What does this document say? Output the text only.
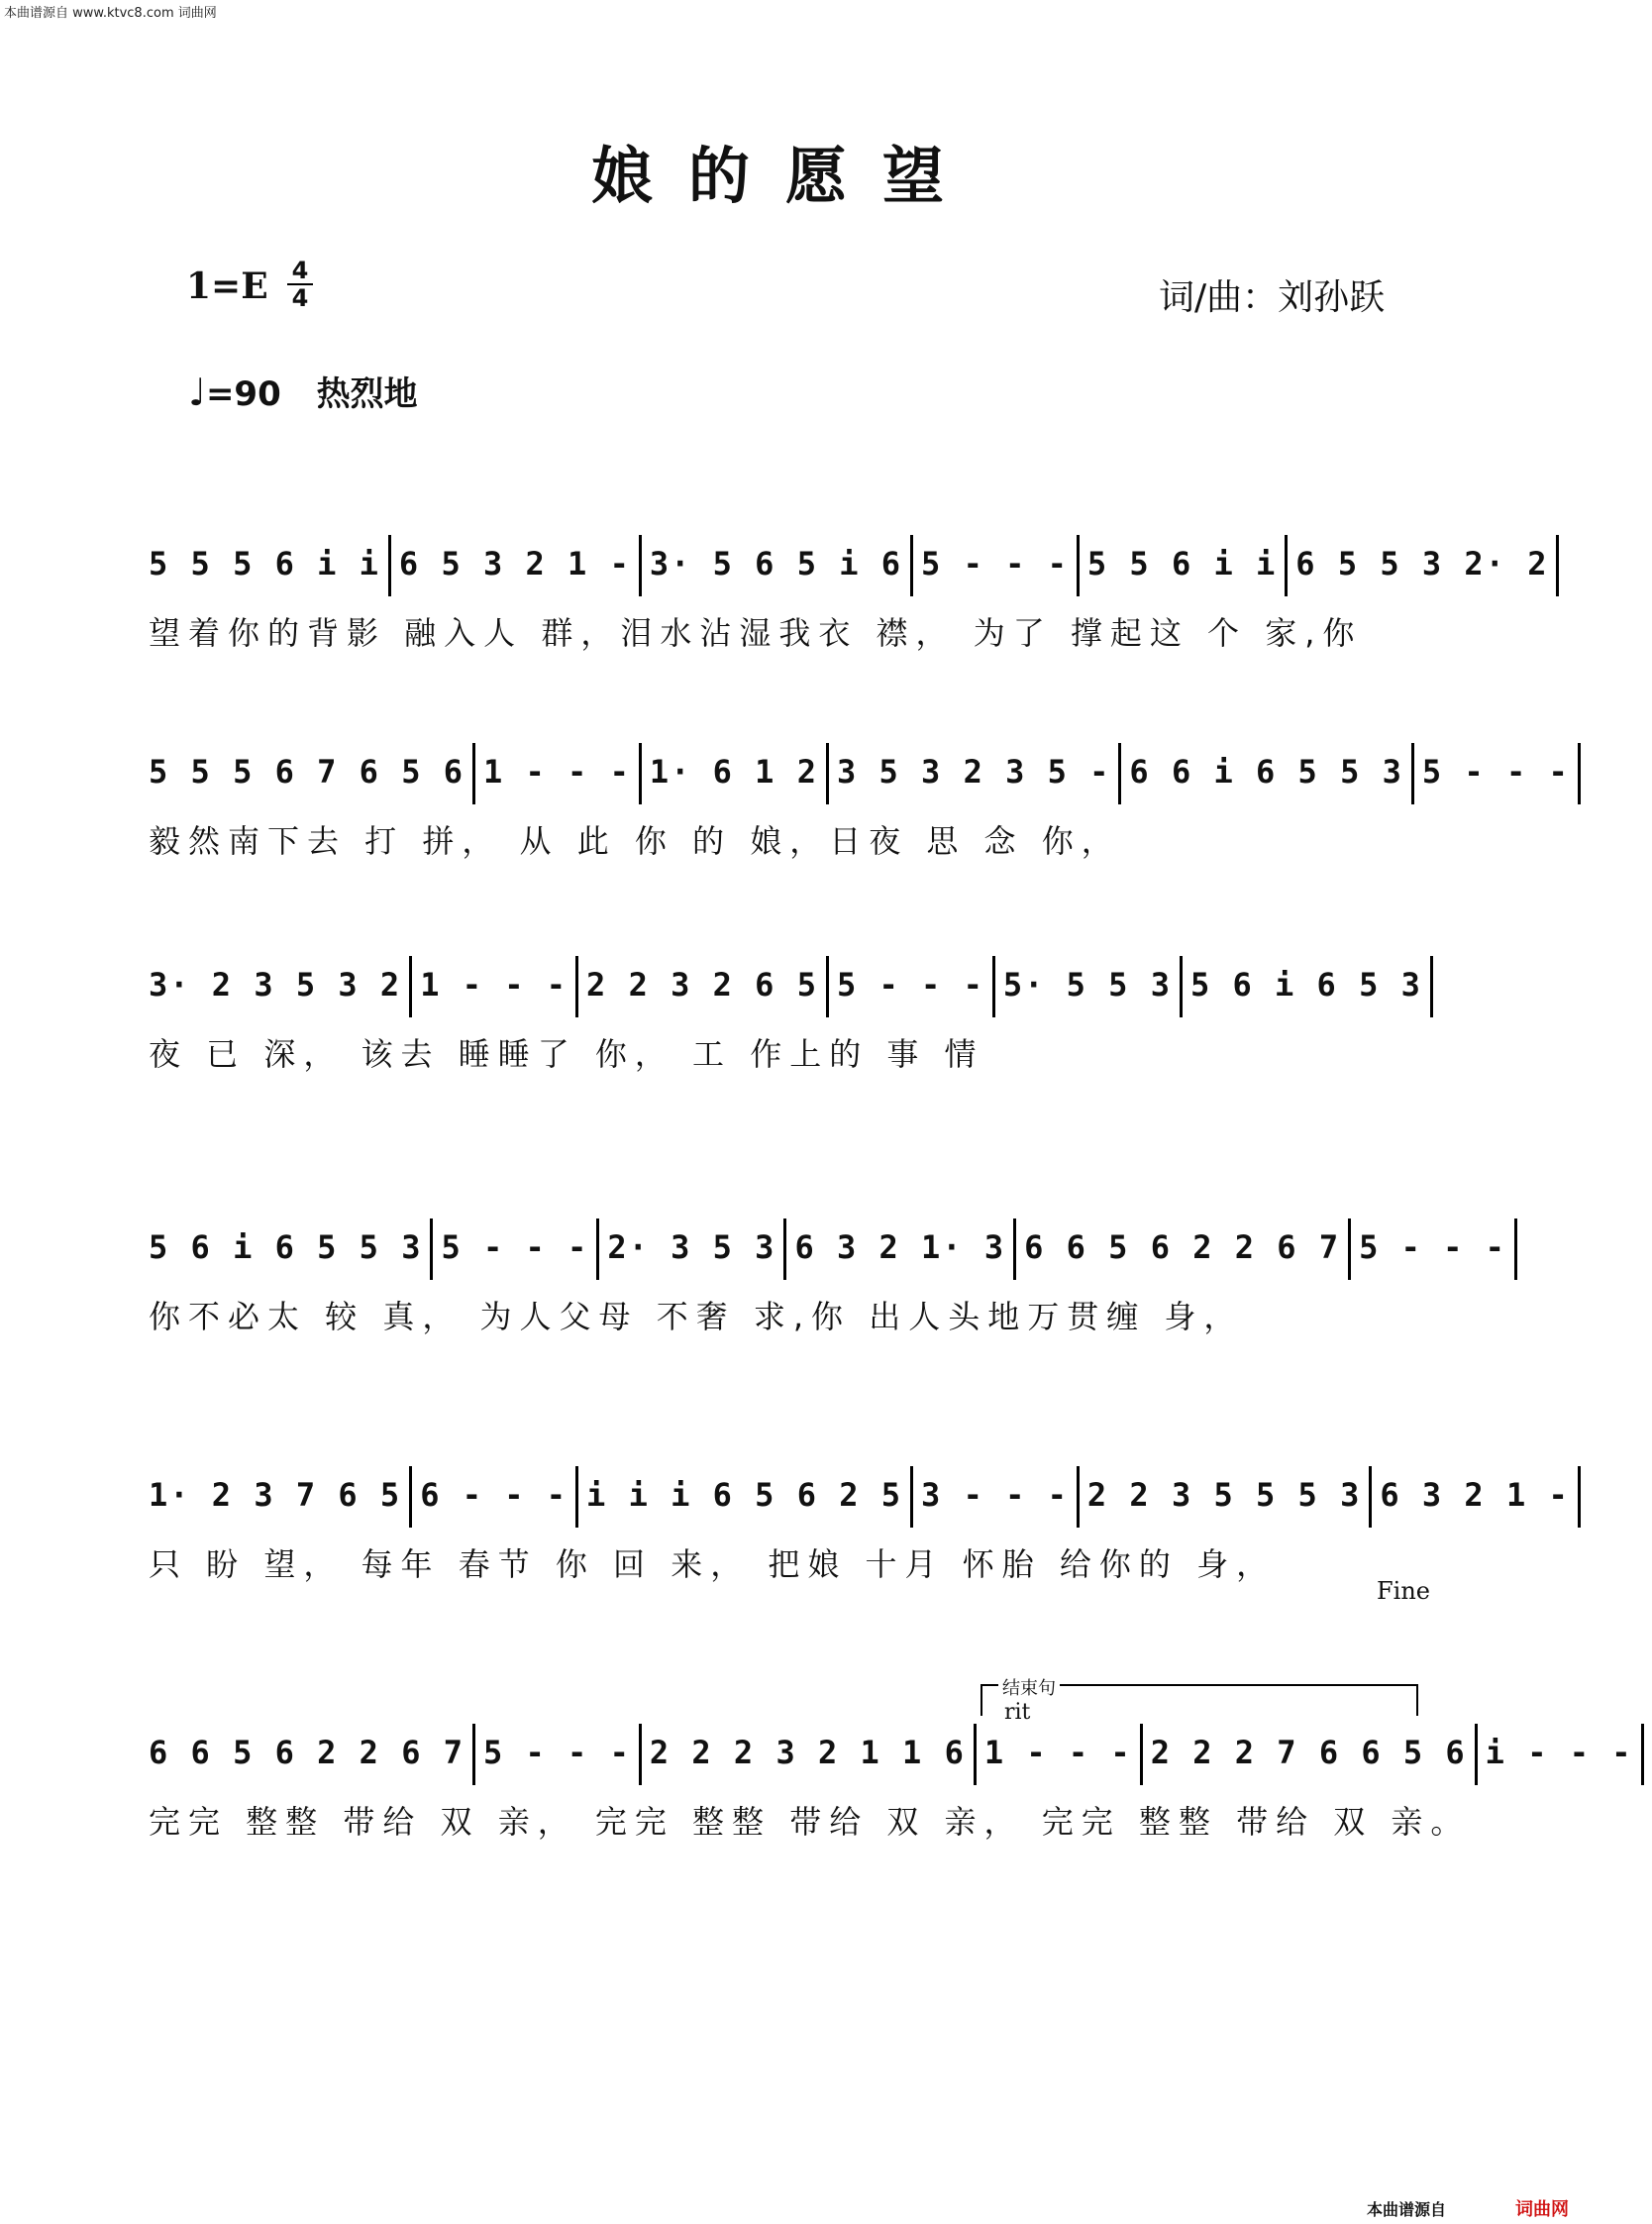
本曲谱源自 www.ktvc8.com 词曲网
娘的愿望
1=E 4
4	词/曲：刘孙跃
♩=90 热烈地
5 5 5 6 i i 6 5 3 2 1 - 3· 5 6 5 i 6 5 - - - 5 5 6 i i 6 5 5 3 2· 2
望着你的背影 融入人 群，泪水沾湿我衣 襟， 为了 撑起这 个 家,你
5 5 5 6 7 6 5 6 1 - - - 1· 6 1 2 3 5 3 2 3 5 - 6 6 i 6 5 5 3 5 - - -
毅然南下去 打 拼， 从 此 你 的 娘，日夜 思 念 你，
3· 2 3 5 3 2 1 - - - 2 2 3 2 6 5 5 - - - 5· 5 5 3 5 6 i 6 5 3
夜 已 深， 该去 睡睡了 你， 工 作上的 事 情
5 6 i 6 5 5 3 5 - - - 2· 3 5 3 6 3 2 1· 3 6 6 5 6 2 2 6 7 5 - - -
你不必太 较 真， 为人父母 不奢 求,你 出人头地万贯缠 身，
1· 2 3 7 6 5 6 - - - i i i 6 5 6 2 5 3 - - - 2 2 3 5 5 5 3 6 3 2 1 -
只 盼 望， 每年 春节 你 回 来， 把娘 十月 怀胎 给你的 身，
6 6 5 6 2 2 6 7 5 - - - 2 2 2 3 2 1 1 6 1 - - - 2 2 2 7 6 6 5 6 i - - -
完完 整整 带给 双 亲， 完完 整整 带给 双 亲， 完完 整整 带给 双 亲。
Fine
结束句
rit
本曲谱源自	词曲网
